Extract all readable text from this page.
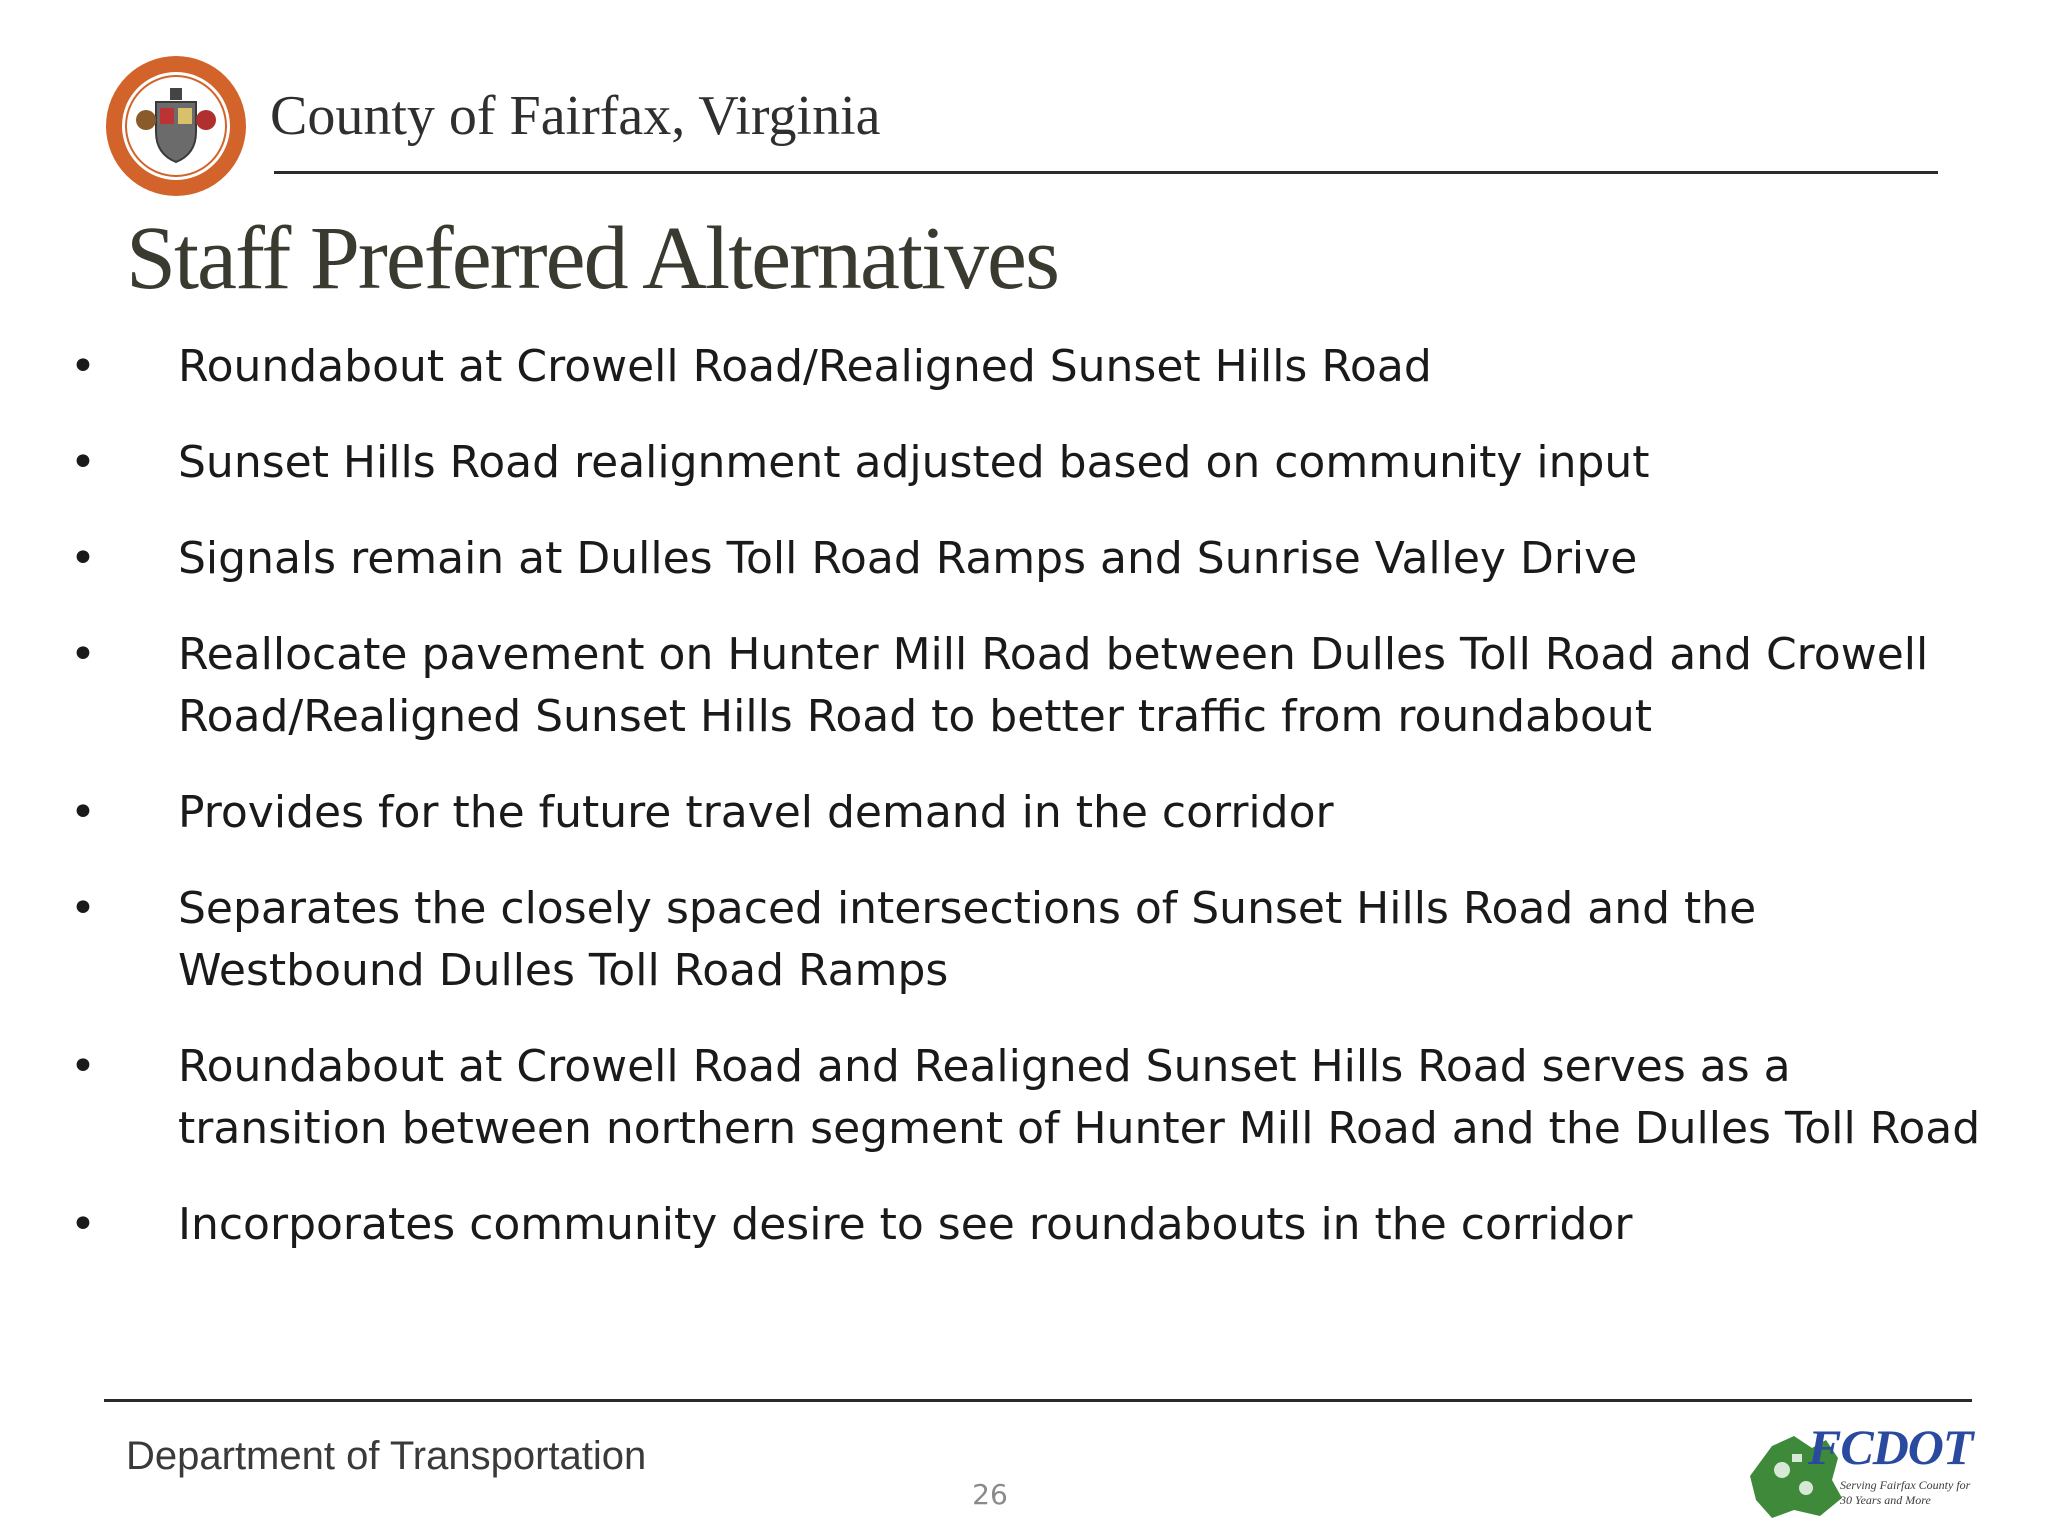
County of Fairfax, Virginia
Staff Preferred Alternatives
• Roundabout at Crowell Road/Realigned Sunset Hills Road
• Sunset Hills Road realignment adjusted based on community input
• Signals remain at Dulles Toll Road Ramps and Sunrise Valley Drive
• Reallocate pavement on Hunter Mill Road between Dulles Toll Road and Crowell Road/Realigned Sunset Hills Road to better traffic from roundabout
• Provides for the future travel demand in the corridor
• Separates the closely spaced intersections of Sunset Hills Road and the Westbound Dulles Toll Road Ramps
• Roundabout at Crowell Road and Realigned Sunset Hills Road serves as a transition between northern segment of Hunter Mill Road and the Dulles Toll Road
• Incorporates community desire to see roundabouts in the corridor
Department of Transportation
26
FCDOT
Serving Fairfax County for 30 Years and More
